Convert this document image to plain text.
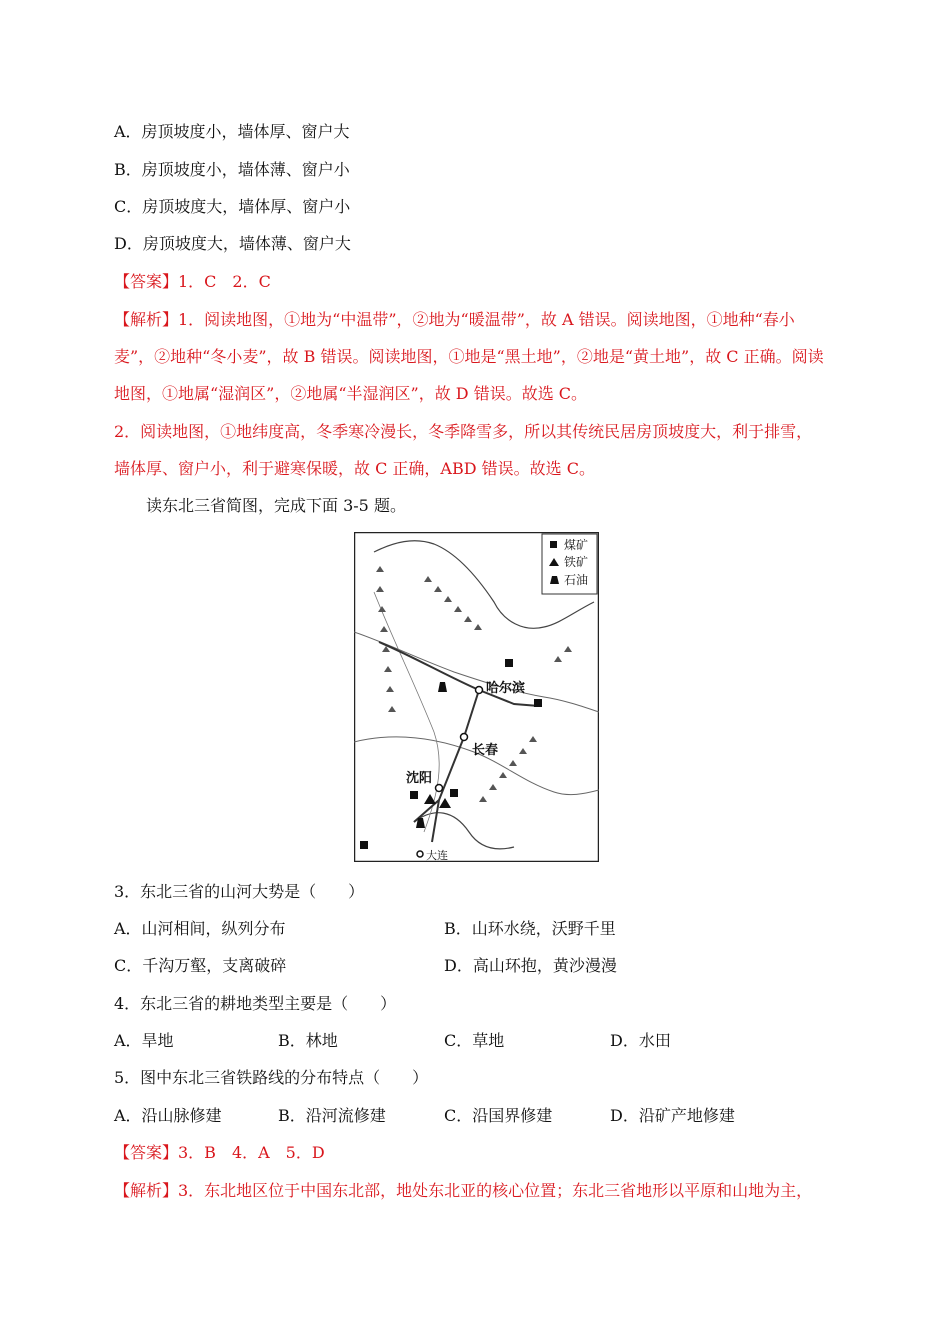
A．房顶坡度小，墙体厚、窗户大
B．房顶坡度小，墙体薄、窗户小
C．房顶坡度大，墙体厚、窗户小
D．房顶坡度大，墙体薄、窗户大
【答案】1．C　2．C
【解析】1．阅读地图，①地为“中温带”，②地为“暖温带”，故 A 错误。阅读地图，①地种“春小
麦”，②地种“冬小麦”，故 B 错误。阅读地图，①地是“黑土地”，②地是“黄土地”，故 C 正确。阅读
地图，①地属“湿润区”，②地属“半湿润区”，故 D 错误。故选 C。
2．阅读地图，①地纬度高，冬季寒冷漫长，冬季降雪多，所以其传统民居房顶坡度大，利于排雪，
墙体厚、窗户小，利于避寒保暖，故 C 正确，ABD 错误。故选 C。
读东北三省简图，完成下面 3-5 题。
煤矿
铁矿
石油
哈尔滨
长春
沈阳
大连
3．东北三省的山河大势是（　　）
A．山河相间，纵列分布	B．山环水绕，沃野千里
C．千沟万壑，支离破碎	D．高山环抱，黄沙漫漫
4．东北三省的耕地类型主要是（　　）
A．旱地	B．林地	C．草地	D．水田
5．图中东北三省铁路线的分布特点（　　）
A．沿山脉修建	B．沿河流修建	C．沿国界修建	D．沿矿产地修建
【答案】3．B　4．A　5．D
【解析】3．东北地区位于中国东北部，地处东北亚的核心位置；东北三省地形以平原和山地为主，
